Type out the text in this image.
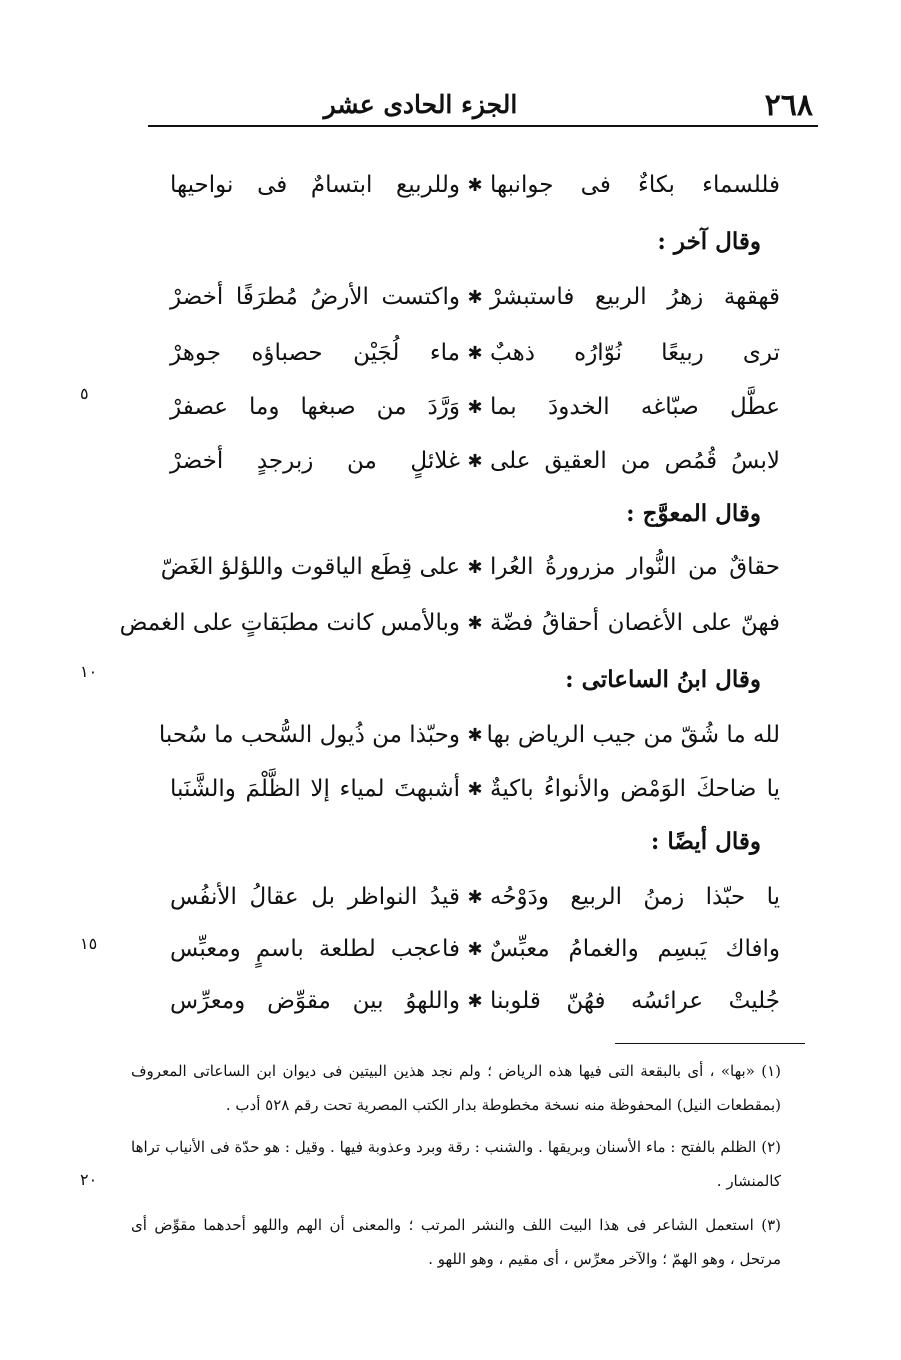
٢٦٨
الجزء الحادى عشر
فللسماء بكاءٌ فى جوانبها
✱
وللربيع ابتسامٌ فى نواحيها
وقال آخر :
قهقهة زهرُ الربيع فاستبشرْ
✱
واكتست الأرضُ مُطرَفًا أخضرْ
ترى ربيعًا نُوّارُه ذهبٌ
✱
ماء لُجَيْن حصباؤه جوهرْ
عطَّل صبّاغه الخدودَ بما
✱
وَرَّدَ من صبغها وما عصفرْ
لابسُ قُمُص من العقيق على
✱
غلائلٍ من زبرجدٍ أخضرْ
وقال المعوَّج :
حقاقٌ من النُّوار مزرورةُ العُرا
✱
على قِطَع الياقوت واللؤلؤ الغَضّ
فهنّ على الأغصان أحقاقُ فضّة
✱
وبالأمس كانت مطبَقاتٍ على الغمض
وقال ابنُ الساعاتى :
لله ما شُقّ من جيب الرياض بها
✱
وحبّذا من ذُيول السُّحب ما سُحبا
يا ضاحكَ الوَمْض والأنواءُ باكيةٌ
✱
أشبهتَ لمياء إلا الظَّلْمَ والشَّنَبا
وقال أيضًا :
يا حبّذا زمنُ الربيع ودَوْحُه
✱
قيدُ النواظر بل عقالُ الأنفُس
وافاك يَبسِم والغمامُ معبِّسٌ
✱
فاعجب لطلعة باسمٍ ومعبِّس
جُليتْ عرائسُه فهُنّ قلوبنا
✱
واللهوُ بين مقوِّض ومعرِّس
٥
١٠
١٥
٢٠
(١) «بها» ، أى بالبقعة التى فيها هذه الرياض ؛ ولم نجد هذين البيتين فى ديوان ابن الساعاتى المعروف (بمقطعات النيل) المحفوظة منه نسخة مخطوطة بدار الكتب المصرية تحت رقم ٥٢٨ أدب .
(٢) الظلم بالفتح : ماء الأسنان وبريقها . والشنب : رقة وبرد وعذوبة فيها . وقيل : هو حدّة فى الأنياب تراها كالمنشار .
(٣) استعمل الشاعر فى هذا البيت اللف والنشر المرتب ؛ والمعنى أن الهم واللهو أحدهما مقوِّض أى مرتحل ، وهو الهمّ ؛ والآخر معرِّس ، أى مقيم ، وهو اللهو .
